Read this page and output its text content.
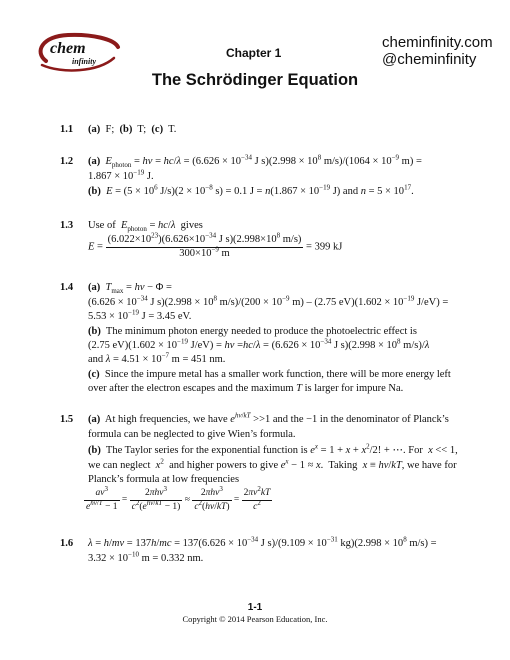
chem
infinity
Chapter 1
cheminfinity.com
@cheminfinity
The Schrödinger Equation
1.1 (a)  F;  (b)  T;  (c)  T.
1.2 (a) $E_{photon} = h\nu = hc/\lambda = (6.626 \times 10^{-34}$ J $s)(2.998 \times 10^8$ $m/s)/(1064 \times 10^{-9}$ m) =
$1.867 \times 10^{-19}$ J.
(b) $E = (5 \times 10^6$ $J/s)(2 \times 10^{-8}$ s) = 0.1 $J = n(1.867 \times 10^{-19}$ J) and $n = 5 \times 10^{17}$.
1.3 Use of  $E_{photon} = hc/\lambda$  gives
$E = \frac{(6.022\times 10^{23})(6.626\times 10^{-34} J s)(2.998\times 10^8 m/s)}{300\times 10^{-9} m} = 399$ kJ
1.4 (a) $T_{max} = h\nu - \Phi$ =
($6.626 \times 10^{-34}$ J $s)(2.998 \times 10^8$ $m/s)/(200 \times 10^{-9}$ m) – (2.75 $eV)(1.602 \times 10^{-19}$ J/eV) =
$5.53 \times 10^{-19}$ J = 3.45 eV.
(b)  The minimum photon energy needed to produce the photoelectric effect is
(2.75 $eV)(1.602 \times 10^{-19}$ $J/eV) = h\nu =hc/\lambda = (6.626 \times 10^{-34}$ J $s)(2.998 \times 10^8$ m/s)/λ
and $\lambda = 4.51 \times 10^{-7}$ m = 451 nm.
(c)  Since the impure metal has a smaller work function, there will be more energy left
over after the electron escapes and the maximum T is larger for impure Na.
1.5 (a)  At high frequencies, we have $e^{h\nu/kT} >>1$ and the −1 in the denominator of Planck’s
formula can be neglected to give Wien’s formula.
(b)  The Taylor series for the exponential function is $e^x = 1 + x + x^2/2$! + ⋯. For  x << 1,
we can neglect  $x^2$  and higher powers to give $e^x - 1 \approx x$.  Taking  x ≡ hν/kT, we have for
Planck’s formula at low frequencies
$\frac{a\nu^3}{e^{h\nu/T} - 1} = \frac{2\pi h\nu^3}{c^2(e^{h\nu/kT} - 1)} \approx \frac{2\pi h\nu^3}{c^2(h\nu/kT)} = \frac{2\pi\nu^2kT}{c^2}$
1.6 $\lambda = h/mv = 137h/mc = 137(6.626 \times 10^{-34}$ J $s)/(9.109 \times 10^{-31}$ $kg)(2.998 \times 10^8$ m/s) =
$3.32 \times 10^{-10}$ m = 0.332 nm.
1-1
Copyright © 2014 Pearson Education, Inc.
